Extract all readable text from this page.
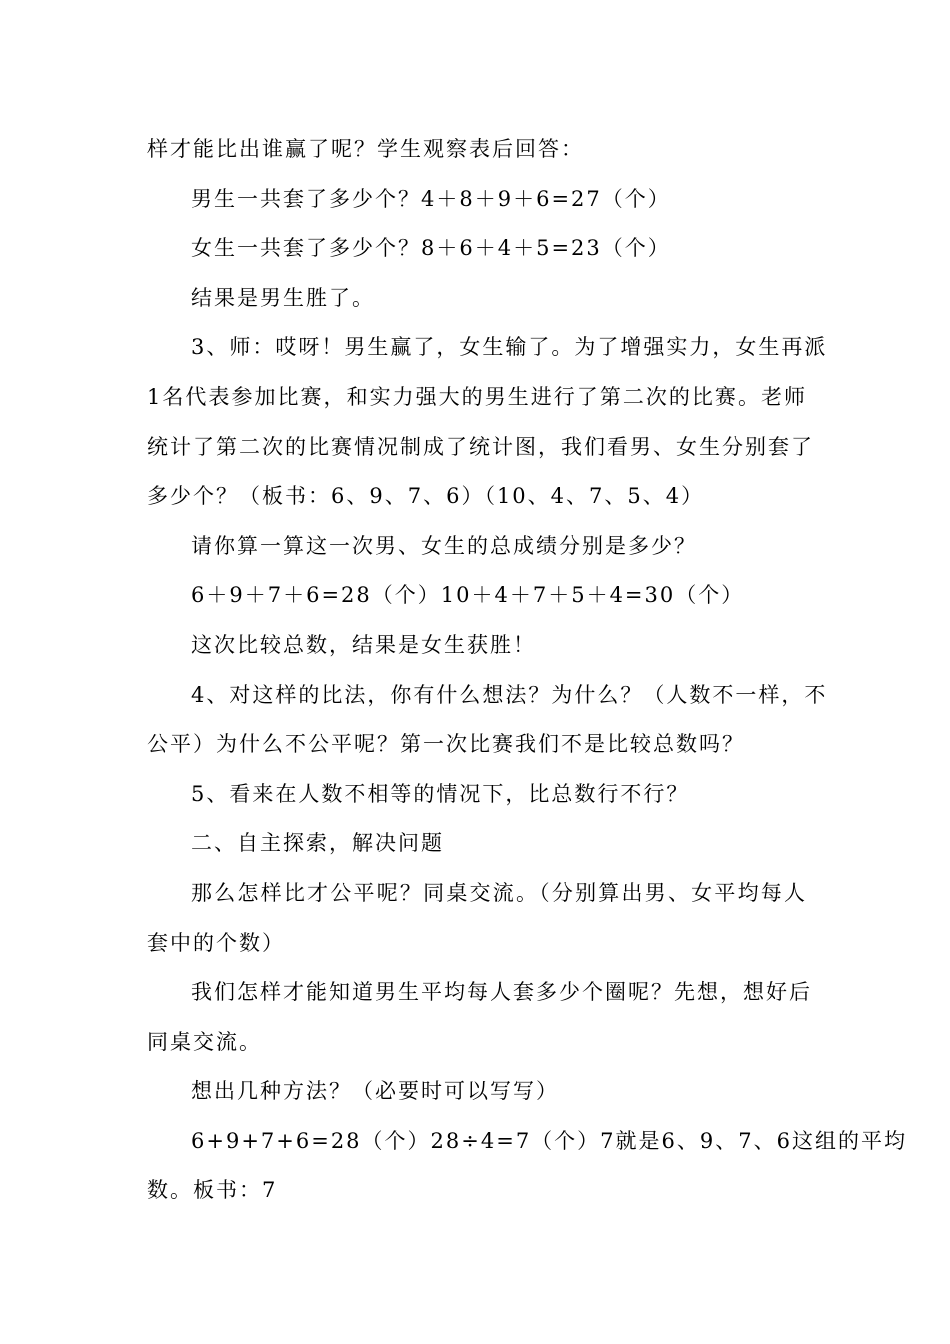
样才能比出谁赢了呢？学生观察表后回答：
男生一共套了多少个？4＋8＋9＋6=27（个）
女生一共套了多少个？8＋6＋4＋5=23（个）
结果是男生胜了。
3、师：哎呀！男生赢了，女生输了。为了增强实力，女生再派
1名代表参加比赛，和实力强大的男生进行了第二次的比赛。老师
统计了第二次的比赛情况制成了统计图，我们看男、女生分别套了
多少个？（板书：6、9、7、6）（10、4、7、5、4）
请你算一算这一次男、女生的总成绩分别是多少？
6＋9＋7＋6=28（个）10＋4＋7＋5＋4=30（个）
这次比较总数，结果是女生获胜！
4、对这样的比法，你有什么想法？为什么？（人数不一样，不
公平）为什么不公平呢？第一次比赛我们不是比较总数吗？
5、看来在人数不相等的情况下，比总数行不行？
二、自主探索，解决问题
那么怎样比才公平呢？同桌交流。（分别算出男、女平均每人
套中的个数）
我们怎样才能知道男生平均每人套多少个圈呢？先想，想好后
同桌交流。
想出几种方法？（必要时可以写写）
6+9+7+6=28（个）28÷4=7（个）7就是6、9、7、6这组的平均
数。板书：7
